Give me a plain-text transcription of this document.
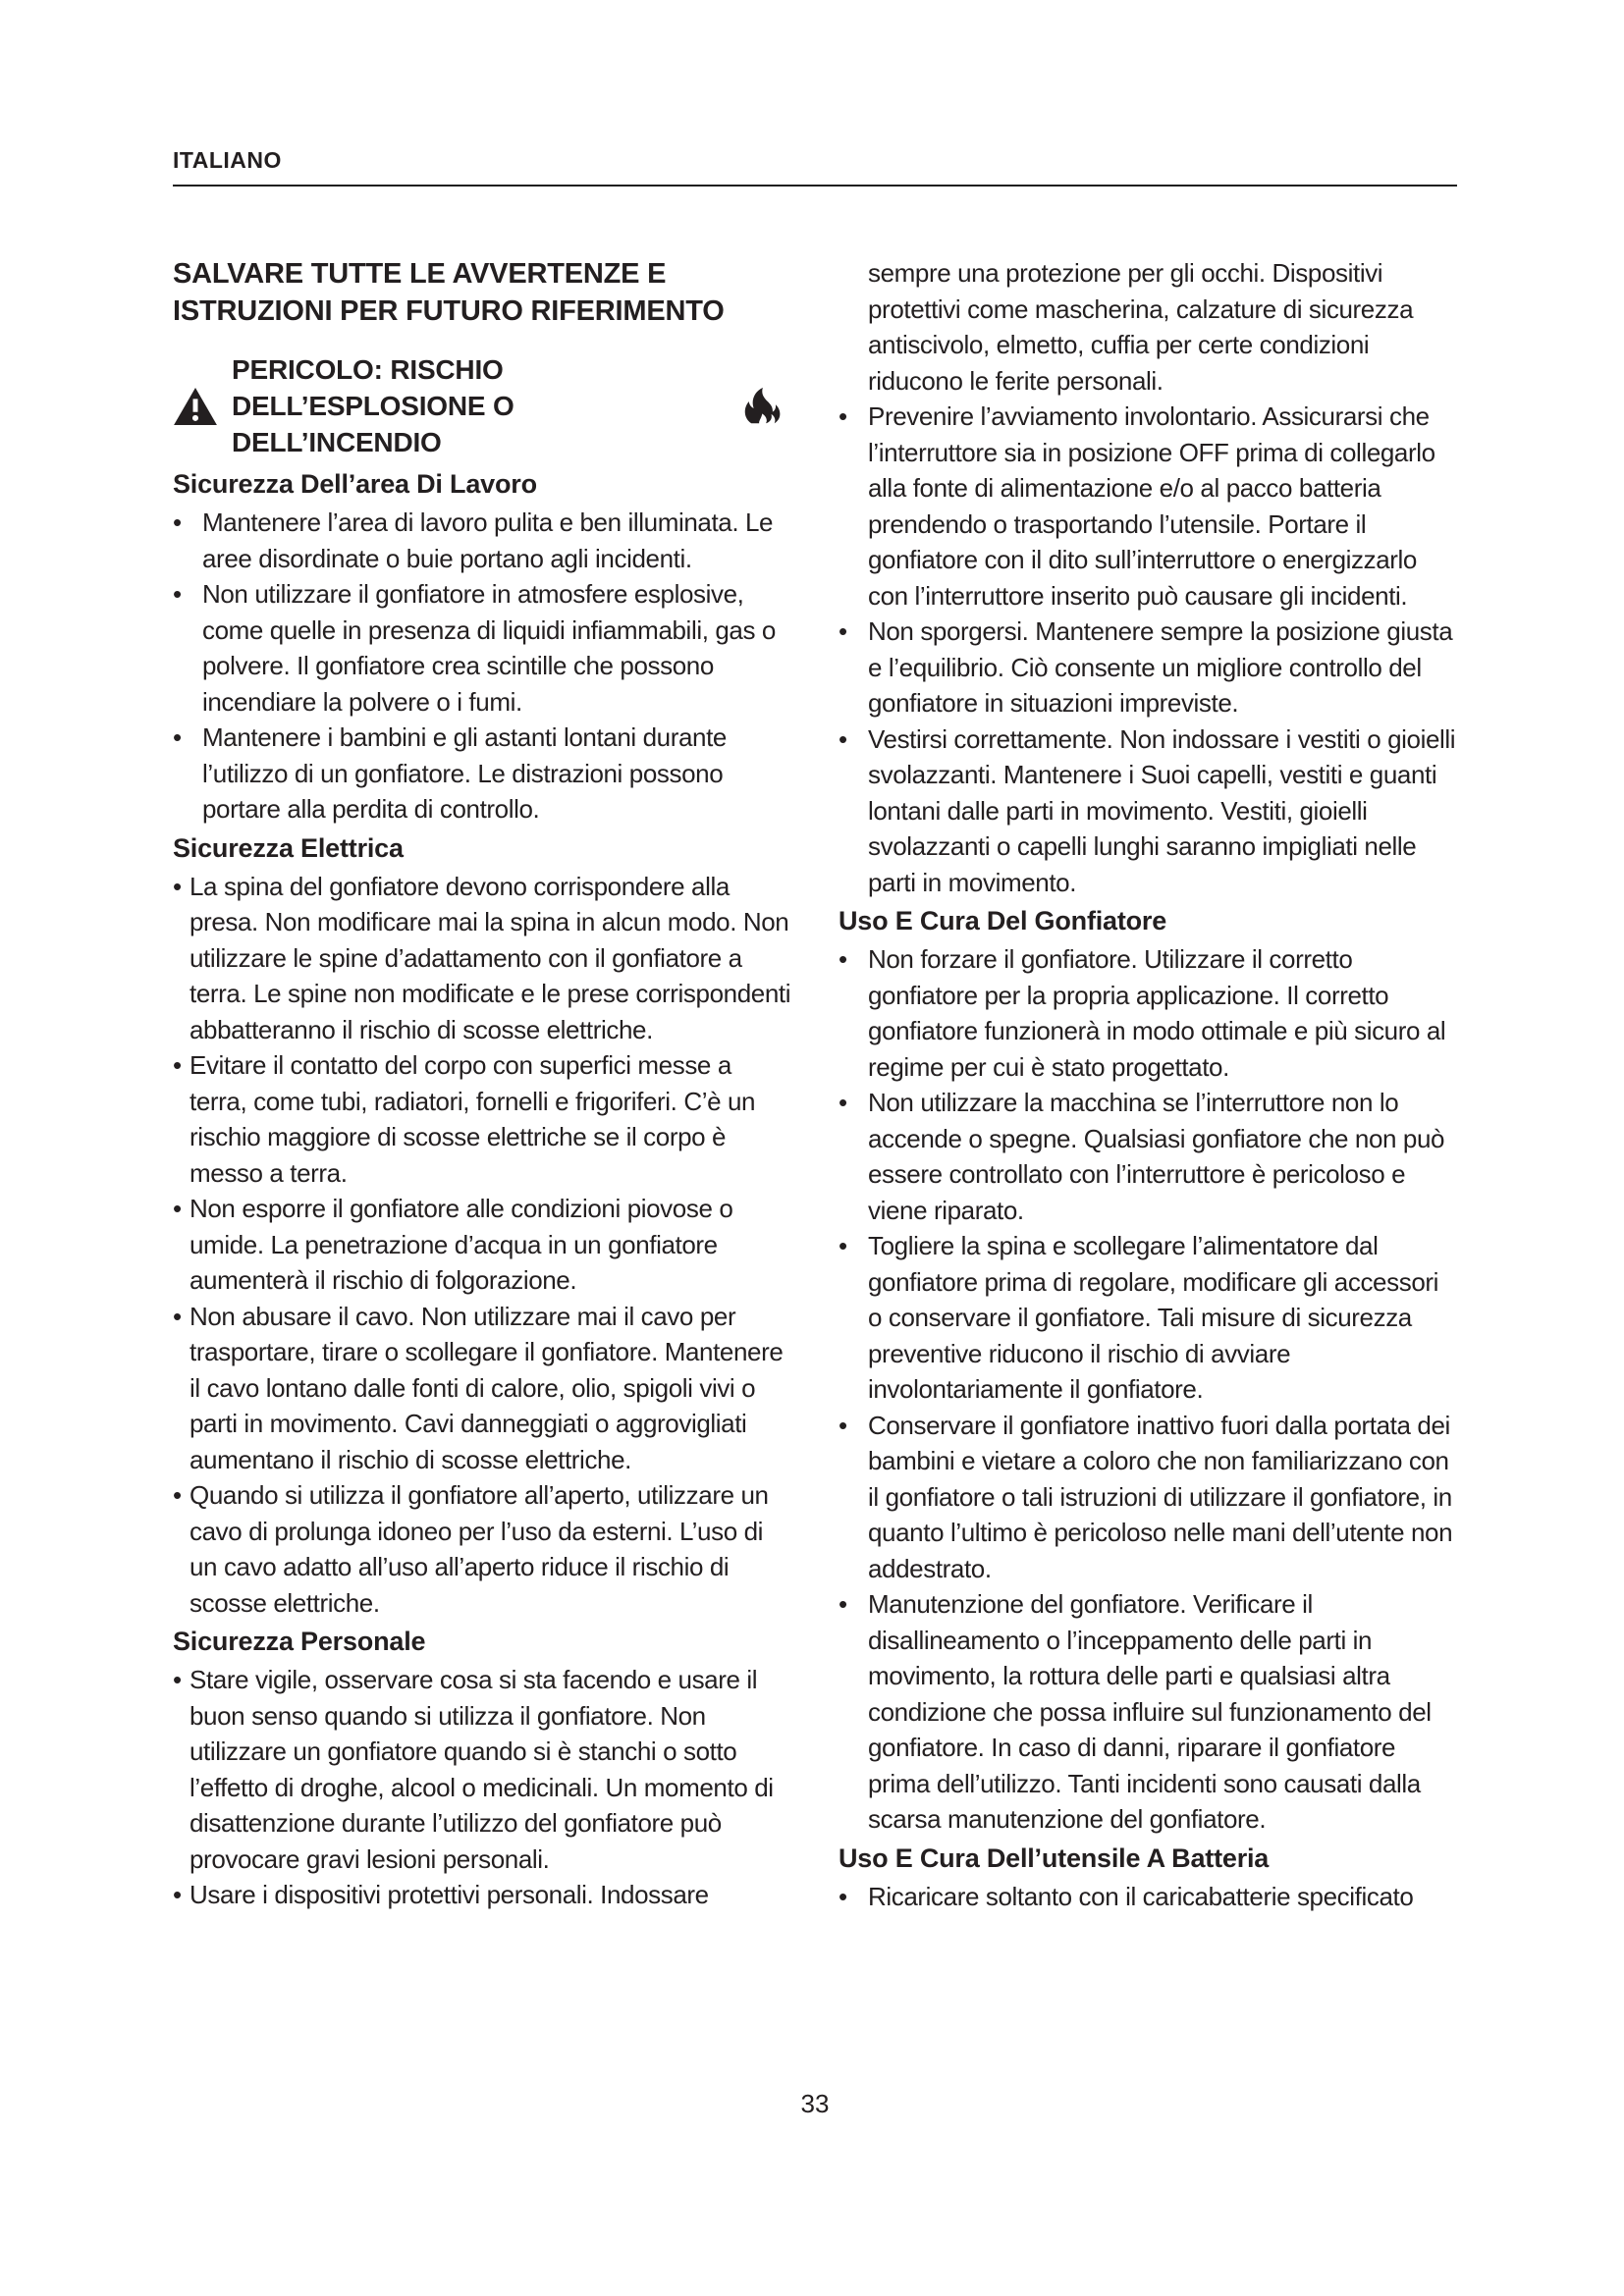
ITALIANO
SALVARE TUTTE LE AVVERTENZE E ISTRUZIONI PER FUTURO RIFERIMENTO
PERICOLO: RISCHIO
DELL’ESPLOSIONE O DELL’INCENDIO
Sicurezza Dell’area Di Lavoro
• Mantenere l’area di lavoro pulita e ben illuminata. Le aree disordinate o buie portano agli incidenti.
• Non utilizzare il gonfiatore in atmosfere esplosive, come quelle in presenza di liquidi infiammabili, gas o polvere. Il gonfiatore crea scintille che possono incendiare la polvere o i fumi.
• Mantenere i bambini e gli astanti lontani durante l’utilizzo di un gonfiatore. Le distrazioni possono portare alla perdita di controllo.
Sicurezza Elettrica
• La spina del gonfiatore devono corrispondere alla presa. Non modificare mai la spina in alcun modo. Non utilizzare le spine d’adattamento con il gonfiatore a terra. Le spine non modificate e le prese corrispondenti abbatteranno il rischio di scosse elettriche.
• Evitare il contatto del corpo con superfici messe a terra, come tubi, radiatori, fornelli e frigoriferi. C’è un rischio maggiore di scosse elettriche se il corpo è messo a terra.
• Non esporre il gonfiatore alle condizioni piovose o umide. La penetrazione d’acqua in un gonfiatore aumenterà il rischio di folgorazione.
• Non abusare il cavo. Non utilizzare mai il cavo per trasportare, tirare o scollegare il gonfiatore. Mantenere il cavo lontano dalle fonti di calore, olio, spigoli vivi o parti in movimento. Cavi danneggiati o aggrovigliati aumentano il rischio di scosse elettriche.
• Quando si utilizza il gonfiatore all’aperto, utilizzare un cavo di prolunga idoneo per l’uso da esterni. L’uso di un cavo adatto all’uso all’aperto riduce il rischio di scosse elettriche.
Sicurezza Personale
• Stare vigile, osservare cosa si sta facendo e usare il buon senso quando si utilizza il gonfiatore. Non utilizzare un gonfiatore quando si è stanchi o sotto l’effetto di droghe, alcool o medicinali. Un momento di disattenzione durante l’utilizzo del gonfiatore può provocare gravi lesioni personali.
• Usare i dispositivi protettivi personali. Indossare

sempre una protezione per gli occhi. Dispositivi protettivi come mascherina, calzature di sicurezza antiscivolo, elmetto, cuffia per certe condizioni riducono le ferite personali.

• Prevenire l’avviamento involontario. Assicurarsi che l’interruttore sia in posizione OFF prima di collegarlo alla fonte di alimentazione e/o al pacco batteria prendendo o trasportando l’utensile. Portare il gonfiatore con il dito sull’interruttore o energizzarlo con l’interruttore inserito può causare gli incidenti.
• Non sporgersi. Mantenere sempre la posizione giusta e l’equilibrio. Ciò consente un migliore controllo del gonfiatore in situazioni impreviste.
• Vestirsi correttamente. Non indossare i vestiti o gioielli svolazzanti. Mantenere i Suoi capelli, vestiti e guanti lontani dalle parti in movimento. Vestiti, gioielli svolazzanti o capelli lunghi saranno impigliati nelle parti in movimento.
Uso E Cura Del Gonfiatore
• Non forzare il gonfiatore. Utilizzare il corretto gonfiatore per la propria applicazione. Il corretto gonfiatore funzionerà in modo ottimale e più sicuro al regime per cui è stato progettato.
• Non utilizzare la macchina se l’interruttore non lo accende o spegne. Qualsiasi gonfiatore che non può essere controllato con l’interruttore è pericoloso e viene riparato.
• Togliere la spina e scollegare l’alimentatore dal gonfiatore prima di regolare, modificare gli accessori o conservare il gonfiatore. Tali misure di sicurezza preventive riducono il rischio di avviare involontariamente il gonfiatore.
• Conservare il gonfiatore inattivo fuori dalla portata dei bambini e vietare a coloro che non familiarizzano con il gonfiatore o tali istruzioni di utilizzare il gonfiatore, in quanto l’ultimo è pericoloso nelle mani dell’utente non addestrato.
• Manutenzione del gonfiatore. Verificare il disallineamento o l’inceppamento delle parti in movimento, la rottura delle parti e qualsiasi altra condizione che possa influire sul funzionamento del gonfiatore. In caso di danni, riparare il gonfiatore prima dell’utilizzo. Tanti incidenti sono causati dalla scarsa manutenzione del gonfiatore.
Uso E Cura Dell’utensile A Batteria
• Ricaricare soltanto con il caricabatterie specificato
33
